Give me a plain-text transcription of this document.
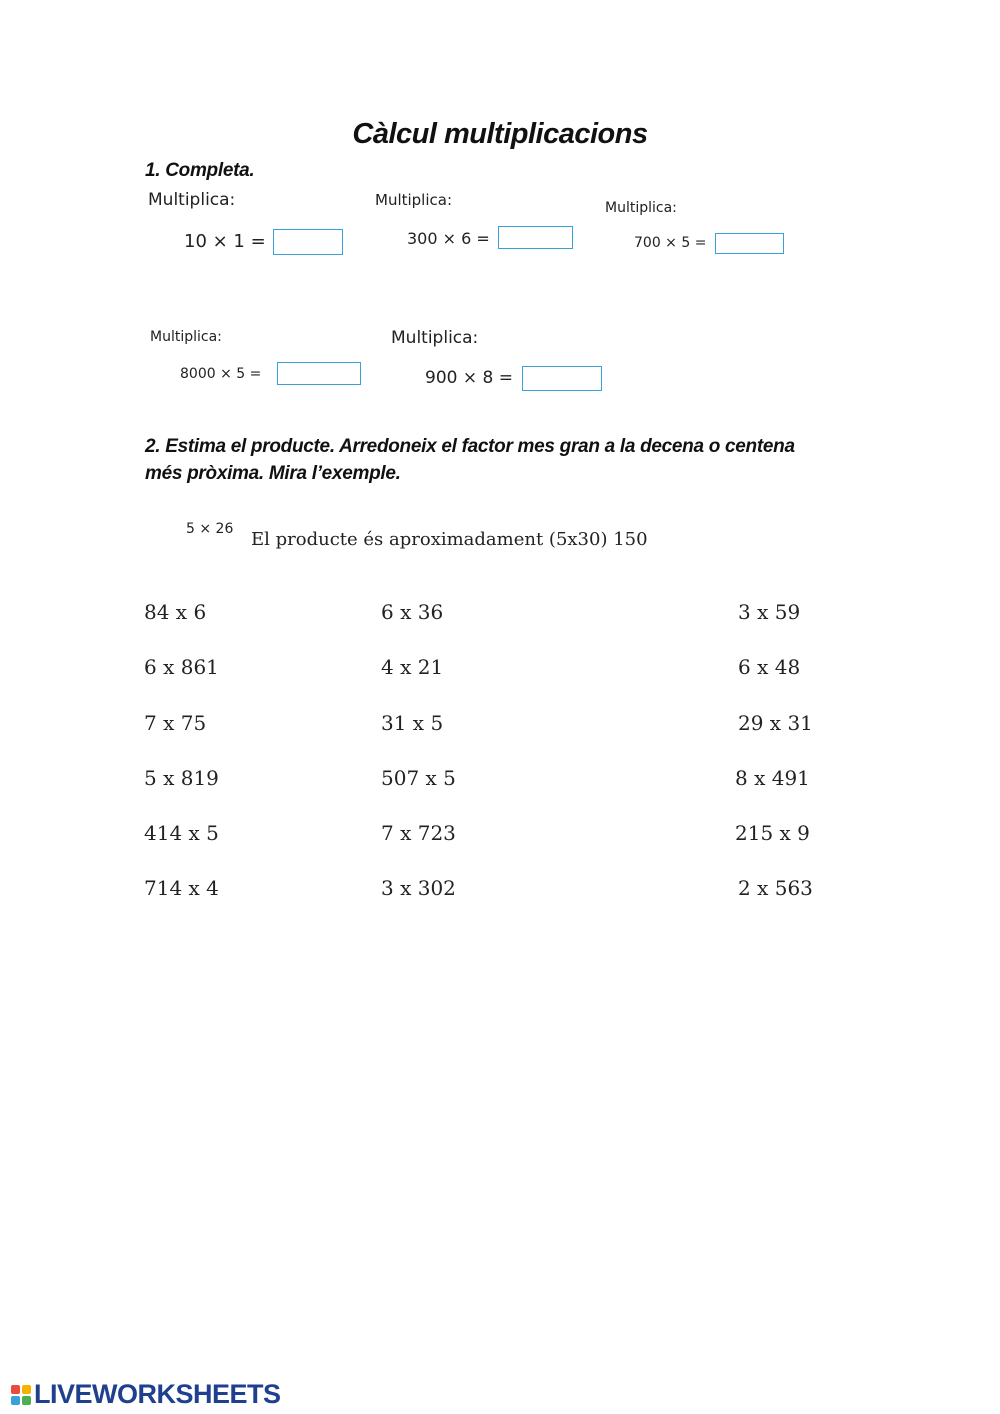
Càlcul multiplicacions
1. Completa.
Multiplica:
10 × 1 =
Multiplica:
300 × 6 =
Multiplica:
700 × 5 =
Multiplica:
8000 × 5 =
Multiplica:
900 × 8 =
2. Estima el producte. Arredoneix el factor mes gran a la decena o centena
més pròxima. Mira l’exemple.
5 × 26 El producte és aproximadament (5x30) 150
84 x 6	6 x 36	3 x 59
6 x 861	4 x 21	6 x 48
7 x 75	31 x 5	29 x 31
5 x 819	507 x 5	8 x 491
414 x 5	7 x 723	215 x 9
714 x 4	3 x 302	2 x 563
LIVEWORKSHEETS
